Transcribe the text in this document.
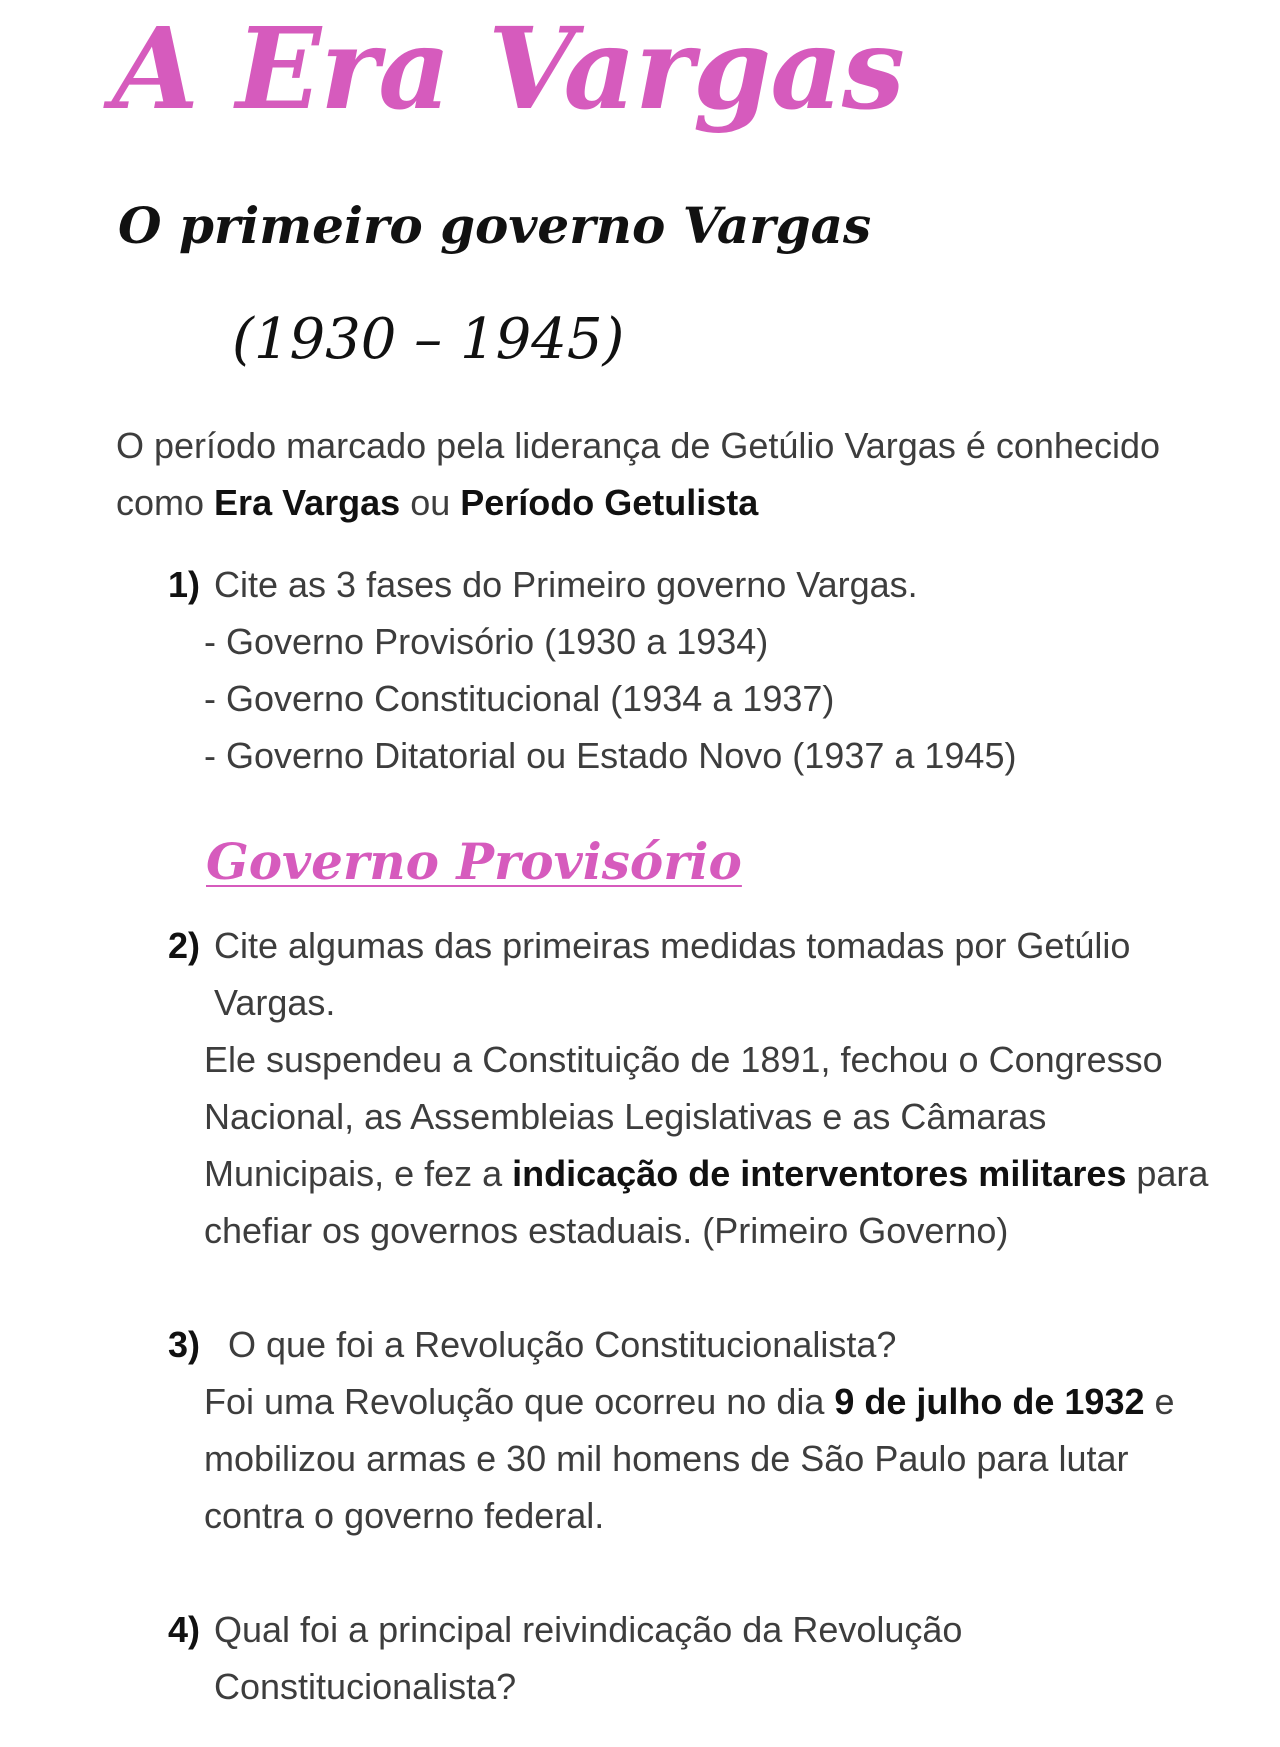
A Era Vargas
O primeiro governo Vargas
(1930 – 1945)
O período marcado pela liderança de Getúlio Vargas é conhecido como Era Vargas ou Período Getulista
1) Cite as 3 fases do Primeiro governo Vargas.
- Governo Provisório (1930 a 1934)
- Governo Constitucional (1934 a 1937)
- Governo Ditatorial ou Estado Novo (1937 a 1945)
Governo Provisório
2) Cite algumas das primeiras medidas tomadas por Getúlio
Vargas.
Ele suspendeu a Constituição de 1891, fechou o Congresso Nacional, as Assembleias Legislativas e as Câmaras Municipais, e fez a indicação de interventores militares para chefiar os governos estaduais. (Primeiro Governo)
3) O que foi a Revolução Constitucionalista?
Foi uma Revolução que ocorreu no dia 9 de julho de 1932 e mobilizou armas e 30 mil homens de São Paulo para lutar contra o governo federal.
4) Qual foi a principal reivindicação da Revolução
Constitucionalista?
